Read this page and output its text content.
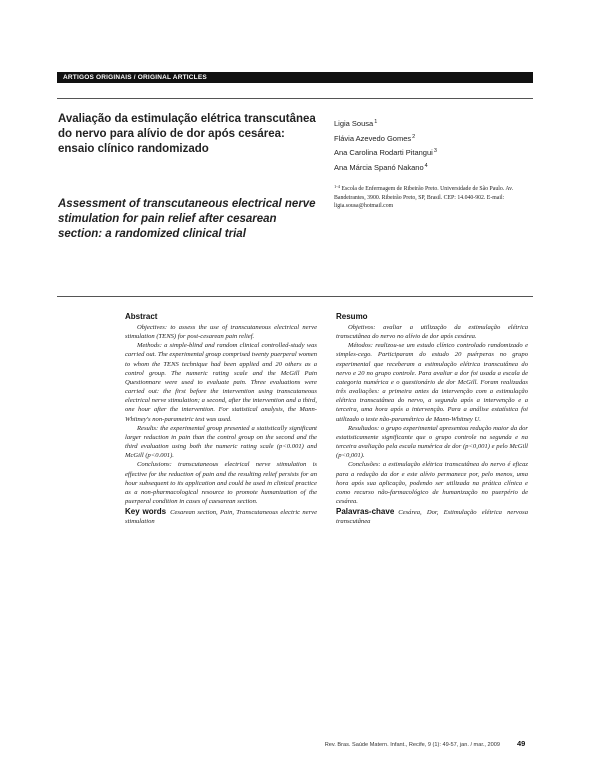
ARTIGOS ORIGINAIS / ORIGINAL ARTICLES
Avaliação da estimulação elétrica transcutânea do nervo para alívio de dor após cesárea: ensaio clínico randomizado
Assessment of transcutaneous electrical nerve stimulation for pain relief after cesarean section: a randomized clinical trial
Ligia Sousa$^1$
Flávia Azevedo Gomes$^2$
Ana Carolina Rodarti Pitangui$^3$
Ana Márcia Spanó Nakano$^4$
$^{1-4}$ Escola de Enfermagem de Ribeirão Preto. Universidade de São Paulo. Av. Bandeirantes, 3900. Ribeirão Preto, SP, Brasil. CEP: 14.040-902. E-mail: ligia.sousa@hotmail.com
Abstract

Objectives: to assess the use of transcutaneous electrical nerve stimulation (TENS) for post-cesarean pain relief.

Methods: a simple-blind and random clinical controlled-study was carried out. The experimental group comprised twenty puerperal women to whom the TENS technique had been applied and 20 others as a control group. The numeric rating scale and the McGill Pain Questionnare were used to evaluate pain. Three evaluations were carried out: the first before the intervention using transcutaneous electrical nerve stimulation; a second, after the intervention and a third, one hour after the intervention. For statistical analysis, the Mann-Whitney's non-parametric test was used.

Results: the experimental group presented a statistically significant larger reduction in pain than the control group on the second and the third evaluation using both the numeric rating scale (p<0.001) and McGill (p<0.001).

Conclusions: transcutaneous electrical nerve stimulation is effective for the reduction of pain and the resulting relief persists for an hour subsequent to its application and could be used in clinical practice as a non-pharmacological resource to promote humanization of the puerperal condition in cases of caesarean section.

Key words Cesarean section, Pain, Transcutaneous electric nerve stimulation
Resumo

Objetivos: avaliar a utilização da estimulação elétrica transcutânea do nervo no alívio de dor após cesárea.

Métodos: realizou-se um estudo clínico controlado randomizado e simples-cego. Participaram do estudo 20 puérperas no grupo experimental que receberam a estimulação elétrica transcutânea do nervo e 20 no grupo controle. Para avaliar a dor foi usada a escala de categoria numérica e o questionário de dor McGill. Foram realizadas três avaliações: a primeira antes da intervenção com a estimulação elétrica transcutânea do nervo, a segunda após a intervenção e a terceira, uma hora após a intervenção. Para a análise estatística foi utilizado o teste não-paramétrico de Mann-Whitney U.

Resultados: o grupo experimental apresentou redução maior da dor estatisticamente significante que o grupo controle na segunda e na terceira avaliação pela escala numérica de dor (p<0,001) e pelo McGill (p<0,001).

Conclusões: a estimulação elétrica transcutânea do nervo é eficaz para a redução da dor e este alívio permanece por, pelo menos, uma hora após sua aplicação, podendo ser utilizada na prática clínica e como recurso não-farmacológico de humanização no puerpério de cesárea.

Palavras-chave Cesárea, Dor, Estimulação elétrica nervosa transcutânea
Rev. Bras. Saúde Matern. Infant., Recife, 9 (1): 49-57, jan. / mar., 2009 49
